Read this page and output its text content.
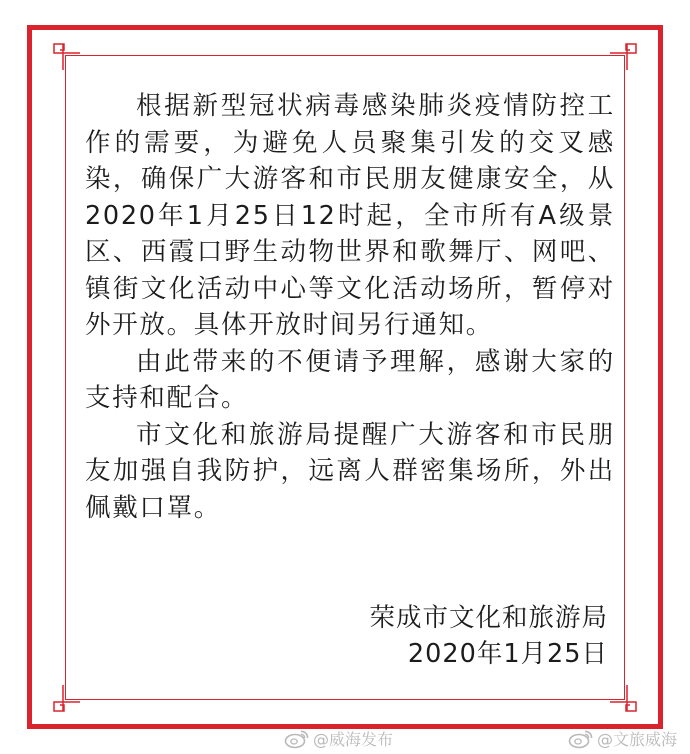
根据新型冠状病毒感染肺炎疫情防控工作的需要，为避免人员聚集引发的交叉感染，确保广大游客和市民朋友健康安全，从2020年1月25日12时起，全市所有A级景区、西霞口野生动物世界和歌舞厅、网吧、镇街文化活动中心等文化活动场所，暂停对外开放。具体开放时间另行通知。

由此带来的不便请予理解，感谢大家的支持和配合。

市文化和旅游局提醒广大游客和市民朋友加强自我防护，远离人群密集场所，外出佩戴口罩。

荣成市文化和旅游局
2020年1月25日
@威海发布	@文旅威海
